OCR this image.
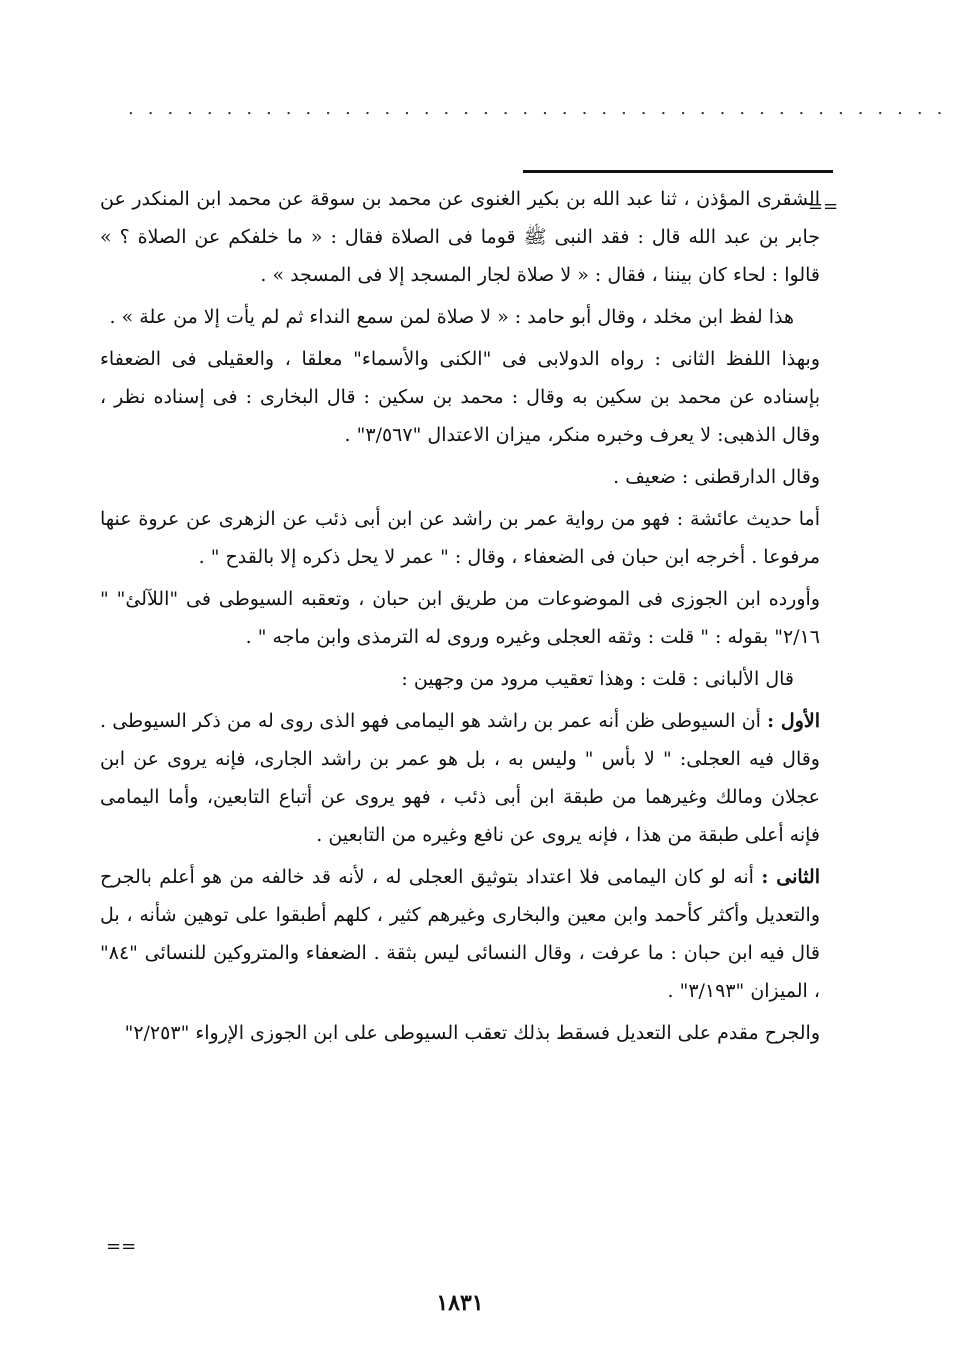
..........................................
==

الشقرى المؤذن ، ثنا عبد الله بن بكير الغنوى عن محمد بن سوقة عن محمد ابن المنكدر عن جابر بن عبد الله قال : فقد النبى ﷺ قوما فى الصلاة فقال : « ما خلفكم عن الصلاة ؟ » قالوا : لحاء كان بيننا ، فقال : « لا صلاة لجار المسجد إلا فى المسجد » .

هذا لفظ ابن مخلد ، وقال أبو حامد : « لا صلاة لمن سمع النداء ثم لم يأت إلا من علة » .

وبهذا اللفظ الثانى : رواه الدولابى فى "الكنى والأسماء" معلقا ، والعقيلى فى الضعفاء بإسناده عن محمد بن سكين به وقال : محمد بن سكين : قال البخارى : فى إسناده نظر ، وقال الذهبى: لا يعرف وخبره منكر، ميزان الاعتدال "٣/٥٦٧" .

وقال الدارقطنى : ضعيف .

أما حديث عائشة : فهو من رواية عمر بن راشد عن ابن أبى ذئب عن الزهرى عن عروة عنها مرفوعا . أخرجه ابن حبان فى الضعفاء ، وقال : " عمر لا يحل ذكره إلا بالقدح " .

وأورده ابن الجوزى فى الموضوعات من طريق ابن حبان ، وتعقبه السيوطى فى "اللآلئ" " ٢/١٦" بقوله : " قلت : وثقه العجلى وغيره وروى له الترمذى وابن ماجه " .

قال الألبانى : قلت : وهذا تعقيب مرود من وجهين :

الأول : أن السيوطى ظن أنه عمر بن راشد هو اليمامى فهو الذى روى له من ذكر السيوطى . وقال فيه العجلى: " لا بأس " وليس به ، بل هو عمر بن راشد الجارى، فإنه يروى عن ابن عجلان ومالك وغيرهما من طبقة ابن أبى ذئب ، فهو يروى عن أتباع التابعين، وأما اليمامى فإنه أعلى طبقة من هذا ، فإنه يروى عن نافع وغيره من التابعين .

الثانى : أنه لو كان اليمامى فلا اعتداد بتوثيق العجلى له ، لأنه قد خالفه من هو أعلم بالجرح والتعديل وأكثر كأحمد وابن معين والبخارى وغيرهم كثير ، كلهم أطبقوا على توهين شأنه ، بل قال فيه ابن حبان : ما عرفت ، وقال النسائى ليس بثقة . الضعفاء والمتروكين للنسائى "٨٤" ، الميزان "٣/١٩٣" .

والجرح مقدم على التعديل فسقط بذلك تعقب السيوطى على ابن الجوزى الإرواء "٢/٢٥٣"

==
١٨٣١
